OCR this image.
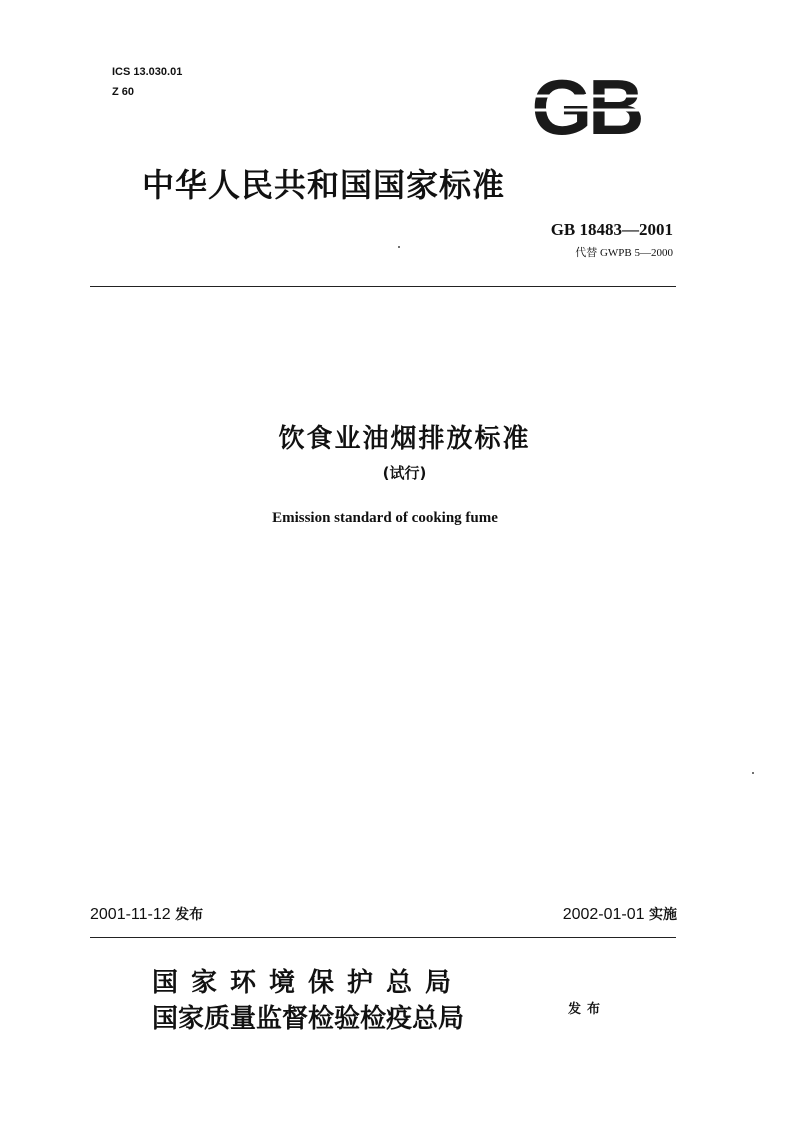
ICS 13.030.01
Z 60	GB
中华人民共和国国家标准
GB 18483—2001
代替 GWPB 5—2000
饮食业油烟排放标准
(试行)
Emission standard of cooking fume
2001-11-12 发布	2002-01-01 实施
国家环境保护总局
国家质量监督检验检疫总局	发布
